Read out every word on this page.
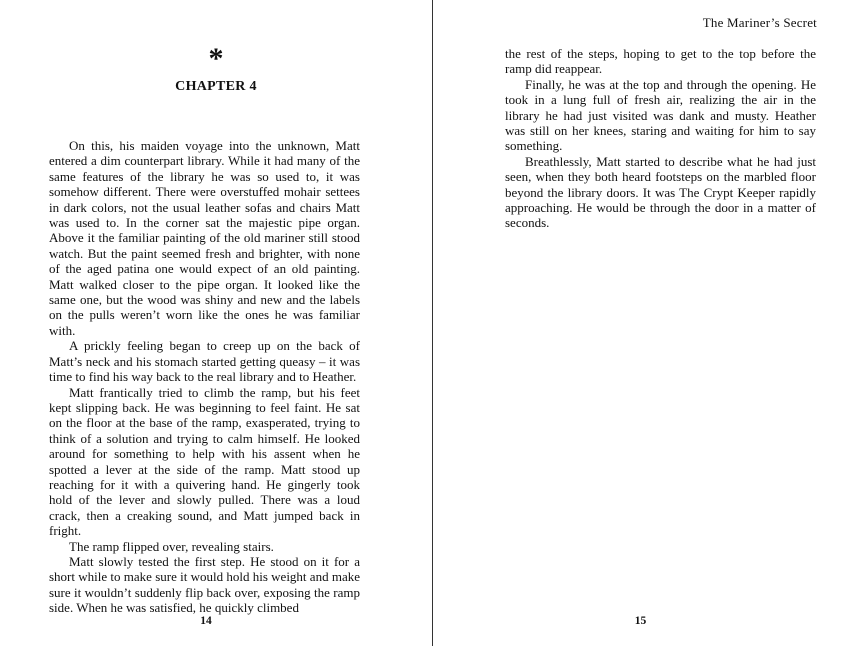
*
CHAPTER 4

On this, his maiden voyage into the unknown, Matt entered a dim counterpart library. While it had many of the same features of the library he was so used to, it was somehow different. There were overstuffed mohair settees in dark colors, not the usual leather sofas and chairs Matt was used to. In the corner sat the majestic pipe organ. Above it the familiar painting of the old mariner still stood watch. But the paint seemed fresh and brighter, with none of the aged patina one would expect of an old painting. Matt walked closer to the pipe organ. It looked like the same one, but the wood was shiny and new and the labels on the pulls weren’t worn like the ones he was familiar with.

A prickly feeling began to creep up on the back of Matt’s neck and his stomach started getting queasy – it was time to find his way back to the real library and to Heather.

Matt frantically tried to climb the ramp, but his feet kept slipping back. He was beginning to feel faint. He sat on the floor at the base of the ramp, exasperated, trying to think of a solution and trying to calm himself. He looked around for something to help with his assent when he spotted a lever at the side of the ramp. Matt stood up reaching for it with a quivering hand. He gingerly took hold of the lever and slowly pulled. There was a loud crack, then a creaking sound, and Matt jumped back in fright.

The ramp flipped over, revealing stairs.

Matt slowly tested the first step. He stood on it for a short while to make sure it would hold his weight and make sure it wouldn’t suddenly flip back over, exposing the ramp side. When he was satisfied, he quickly climbed

14
The Mariner’s Secret

the rest of the steps, hoping to get to the top before the ramp did reappear.

Finally, he was at the top and through the opening. He took in a lung full of fresh air, realizing the air in the library he had just visited was dank and musty. Heather was still on her knees, staring and waiting for him to say something.

Breathlessly, Matt started to describe what he had just seen, when they both heard footsteps on the marbled floor beyond the library doors. It was The Crypt Keeper rapidly approaching. He would be through the door in a matter of seconds.

15
